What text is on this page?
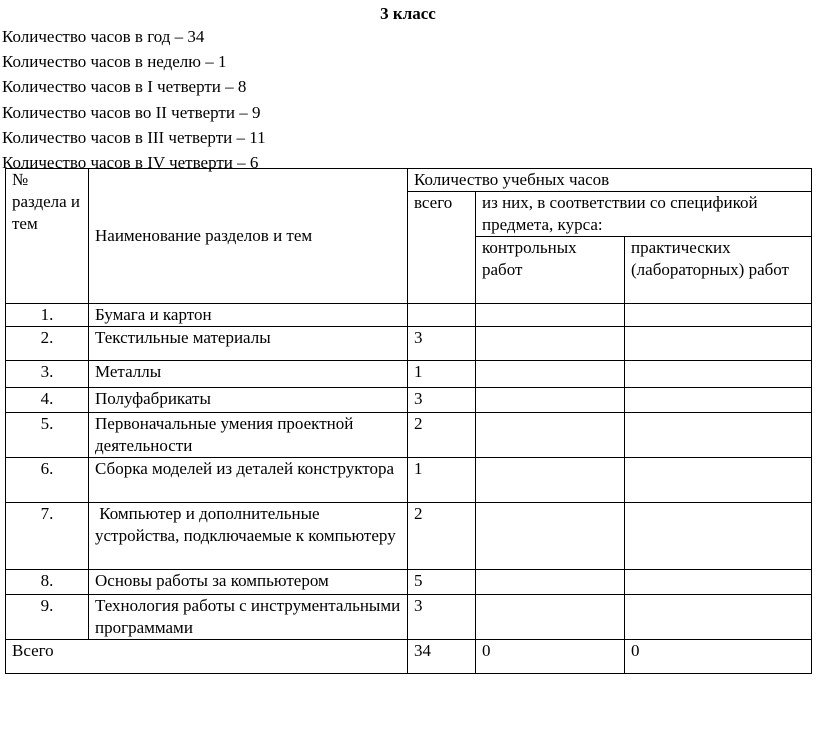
3 класс
Количество часов в год – 34
Количество часов в неделю – 1
Количество часов в I четверти – 8
Количество часов во II четверти – 9
Количество часов в III четверти – 11
Количество часов в IV четверти – 6
№ раздела и тем	Наименование разделов и тем	Количество учебных часов		
		всего	из них, в соответствии со спецификой предмета, курса:	
			контрольных работ	практических (лабораторных) работ
1.	Бумага и картон			
2.	Текстильные материалы	3		
3.	Металлы	1		
4.	Полуфабрикаты	3		
5.	Первоначальные умения проектной деятельности	2		
6.	Сборка моделей из деталей конструктора	1		
7.	Компьютер и дополнительные устройства, подключаемые к компьютеру	2		
8.	Основы работы за компьютером	5		
9.	Технология работы с инструментальными программами	3		
Всего		34	0	0
